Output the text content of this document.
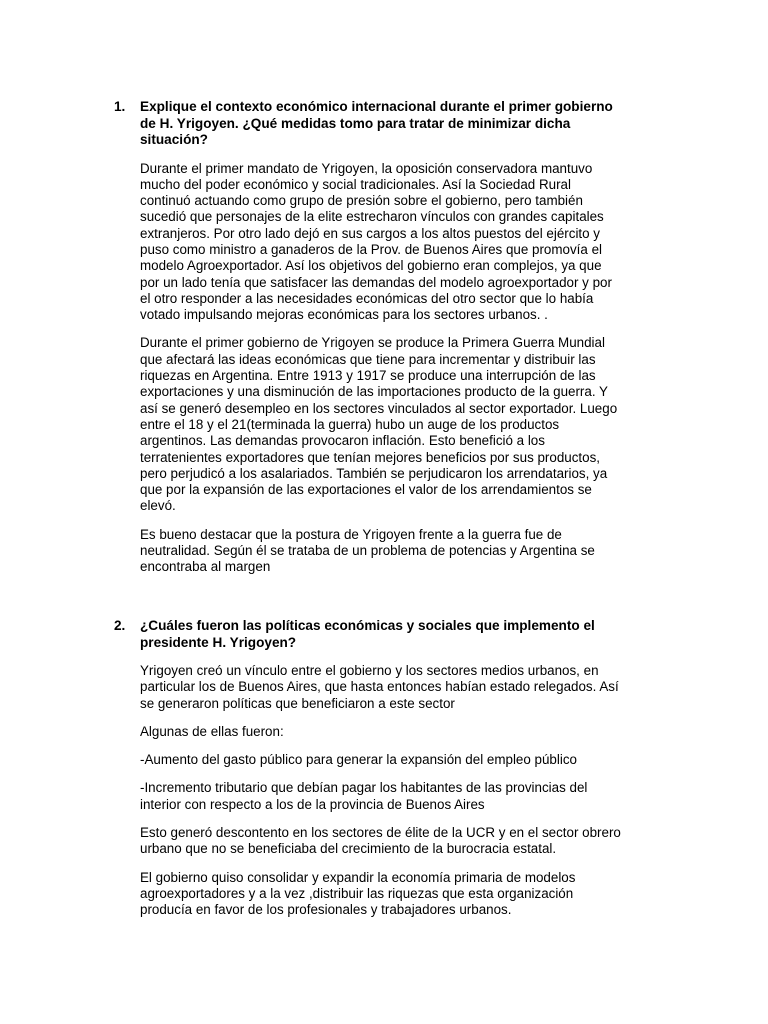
1.	Explique el contexto económico internacional durante el primer gobierno
de H. Yrigoyen. ¿Qué medidas tomo para tratar de minimizar dicha
situación?

Durante el primer mandato de Yrigoyen, la oposición conservadora mantuvo
mucho del poder económico y social tradicionales. Así la Sociedad Rural
continuó actuando como grupo de presión sobre el gobierno, pero también
sucedió que personajes de la elite estrecharon vínculos con grandes capitales
extranjeros. Por otro lado dejó en sus cargos a los altos puestos del ejército y
puso como ministro a ganaderos de la Prov. de Buenos Aires que promovía el
modelo Agroexportador. Así los objetivos del gobierno eran complejos, ya que
por un lado tenía que satisfacer las demandas del modelo agroexportador y por
el otro responder a las necesidades económicas del otro sector que lo había
votado impulsando mejoras económicas para los sectores urbanos. .

Durante el primer gobierno de Yrigoyen se produce la Primera Guerra Mundial
que afectará las ideas económicas que tiene para incrementar y distribuir las
riquezas en Argentina. Entre 1913 y 1917 se produce una interrupción de las
exportaciones y una disminución de las importaciones producto de la guerra. Y
así se generó desempleo en los sectores vinculados al sector exportador. Luego
entre el 18 y el 21(terminada la guerra) hubo un auge de los productos
argentinos. Las demandas provocaron inflación. Esto benefició a los
terratenientes exportadores que tenían mejores beneficios por sus productos,
pero perjudicó a los asalariados. También se perjudicaron los arrendatarios, ya
que por la expansión de las exportaciones el valor de los arrendamientos se
elevó.

Es bueno destacar que la postura de Yrigoyen frente a la guerra fue de
neutralidad. Según él se trataba de un problema de potencias y Argentina se
encontraba al margen

2.	¿Cuáles fueron las políticas económicas y sociales que implemento el
presidente H. Yrigoyen?

Yrigoyen creó un vínculo entre el gobierno y los sectores medios urbanos, en
particular los de Buenos Aires, que hasta entonces habían estado relegados. Así
se generaron políticas que beneficiaron a este sector

Algunas de ellas fueron:

-Aumento del gasto público para generar la expansión del empleo público

-Incremento tributario que debían pagar los habitantes de las provincias del
interior con respecto a los de la provincia de Buenos Aires

Esto generó descontento en los sectores de élite de la UCR y en el sector obrero
urbano que no se beneficiaba del crecimiento de la burocracia estatal.

El gobierno quiso consolidar y expandir la economía primaria de modelos
agroexportadores y a la vez ,distribuir las riquezas que esta organización
producía en favor de los profesionales y trabajadores urbanos.
